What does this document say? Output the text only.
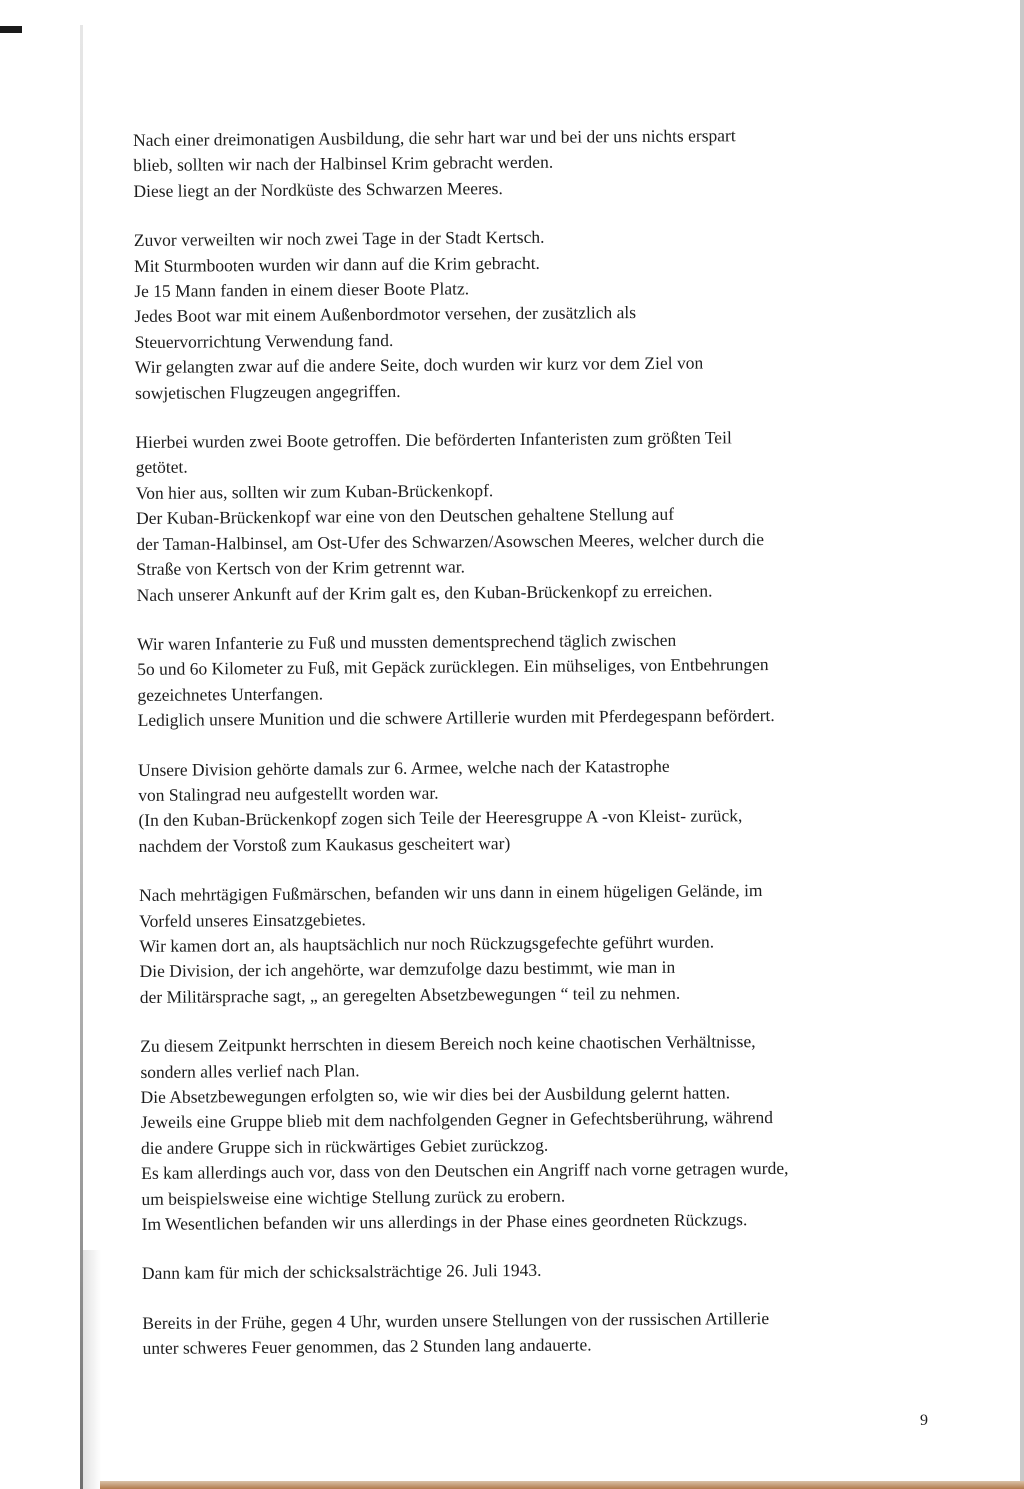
Nach einer dreimonatigen Ausbildung, die sehr hart war und bei der uns nichts erspart
blieb, sollten wir nach der Halbinsel Krim gebracht werden.
Diese liegt an der Nordküste des Schwarzen Meeres.

Zuvor verweilten wir noch zwei Tage in der Stadt Kertsch.
Mit Sturmbooten wurden wir dann auf die Krim gebracht.
Je 15 Mann fanden in einem dieser Boote Platz.
Jedes Boot war mit einem Außenbordmotor versehen, der zusätzlich als
Steuervorrichtung Verwendung fand.
Wir gelangten zwar auf die andere Seite, doch wurden wir kurz vor dem Ziel von
sowjetischen Flugzeugen angegriffen.

Hierbei wurden zwei Boote getroffen. Die beförderten Infanteristen zum größten Teil
getötet.
Von hier aus, sollten wir zum Kuban-Brückenkopf.
Der Kuban-Brückenkopf war eine von den Deutschen gehaltene Stellung auf
der Taman-Halbinsel, am Ost-Ufer des Schwarzen/Asowschen Meeres, welcher durch die
Straße von Kertsch von der Krim getrennt war.
Nach unserer Ankunft auf der Krim galt es, den Kuban-Brückenkopf zu erreichen.

Wir waren Infanterie zu Fuß und mussten dementsprechend täglich zwischen
5o und 6o Kilometer zu Fuß, mit Gepäck zurücklegen. Ein mühseliges, von Entbehrungen
gezeichnetes Unterfangen.
Lediglich unsere Munition und die schwere Artillerie wurden mit Pferdegespann befördert.

Unsere Division gehörte damals zur 6. Armee, welche nach der Katastrophe
von Stalingrad neu aufgestellt worden war.
(In den Kuban-Brückenkopf zogen sich Teile der Heeresgruppe A -von Kleist- zurück,
nachdem der Vorstoß zum Kaukasus gescheitert war)

Nach mehrtägigen Fußmärschen, befanden wir uns dann in einem hügeligen Gelände, im
Vorfeld unseres Einsatzgebietes.
Wir kamen dort an, als hauptsächlich nur noch Rückzugsgefechte geführt wurden.
Die Division, der ich angehörte, war demzufolge dazu bestimmt, wie man in
der Militärsprache sagt, „ an geregelten Absetzbewegungen “ teil zu nehmen.

Zu diesem Zeitpunkt herrschten in diesem Bereich noch keine chaotischen Verhältnisse,
sondern alles verlief nach Plan.
Die Absetzbewegungen erfolgten so, wie wir dies bei der Ausbildung gelernt hatten.
Jeweils eine Gruppe blieb mit dem nachfolgenden Gegner in Gefechtsberührung, während
die andere Gruppe sich in rückwärtiges Gebiet zurückzog.
Es kam allerdings auch vor, dass von den Deutschen ein Angriff nach vorne getragen wurde,
um beispielsweise eine wichtige Stellung zurück zu erobern.
Im Wesentlichen befanden wir uns allerdings in der Phase eines geordneten Rückzugs.

Dann kam für mich der schicksalsträchtige 26. Juli 1943.

Bereits in der Frühe, gegen 4 Uhr, wurden unsere Stellungen von der russischen Artillerie
unter schweres Feuer genommen, das 2 Stunden lang andauerte.

9
